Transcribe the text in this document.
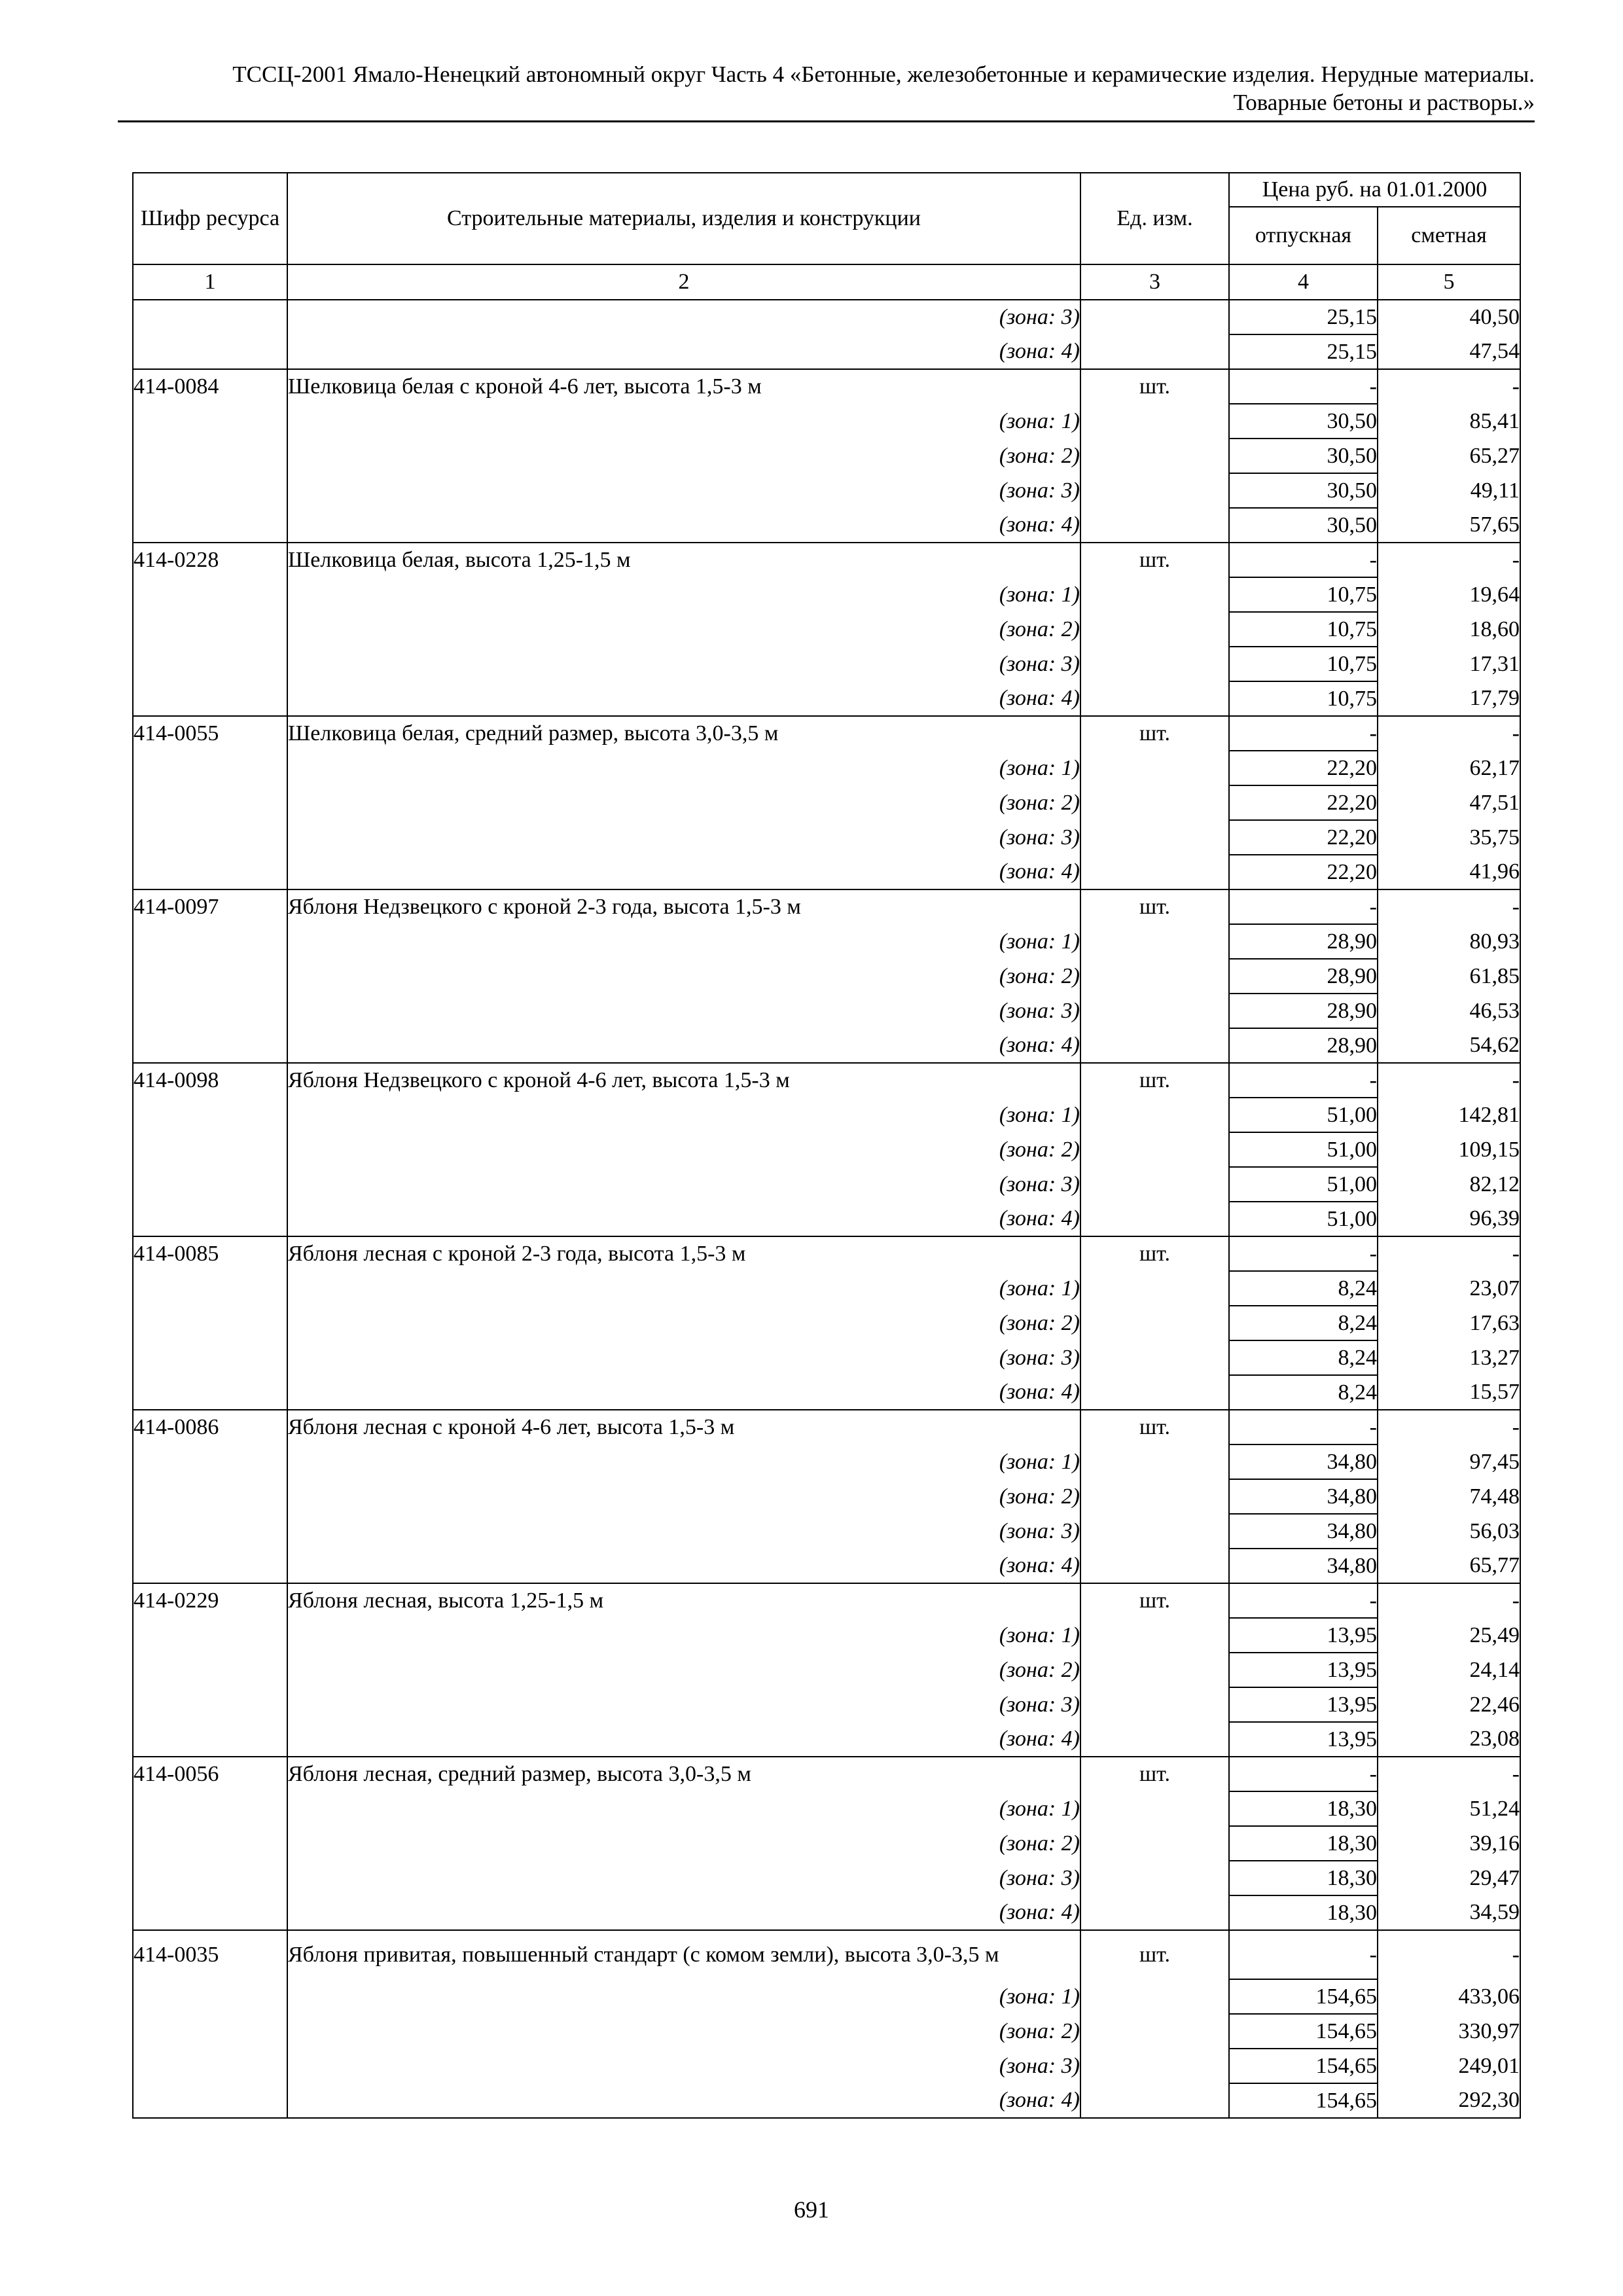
ТССЦ-2001 Ямало-Ненецкий автономный округ Часть 4 «Бетонные, железобетонные и керамические изделия. Нерудные материалы.
Товарные бетоны и растворы.»
Шифр ресурса	Строительные материалы, изделия и конструкции	Ед. изм.	Цена руб. на 01.01.2000	
			отпускная	сметная
1	2	3	4	5
	(зона: 3)		25,15	40,50
	(зона: 4)		25,15	47,54
414-0084	Шелковица белая с кроной 4-6 лет, высота 1,5-3 м	шт.	-	-
	(зона: 1)		30,50	85,41
	(зона: 2)		30,50	65,27
	(зона: 3)		30,50	49,11
	(зона: 4)		30,50	57,65
414-0228	Шелковица белая, высота 1,25-1,5 м	шт.	-	-
	(зона: 1)		10,75	19,64
	(зона: 2)		10,75	18,60
	(зона: 3)		10,75	17,31
	(зона: 4)		10,75	17,79
414-0055	Шелковица белая, средний размер, высота 3,0-3,5 м	шт.	-	-
	(зона: 1)		22,20	62,17
	(зона: 2)		22,20	47,51
	(зона: 3)		22,20	35,75
	(зона: 4)		22,20	41,96
414-0097	Яблоня Недзвецкого с кроной 2-3 года, высота 1,5-3 м	шт.	-	-
	(зона: 1)		28,90	80,93
	(зона: 2)		28,90	61,85
	(зона: 3)		28,90	46,53
	(зона: 4)		28,90	54,62
414-0098	Яблоня Недзвецкого с кроной 4-6 лет, высота 1,5-3 м	шт.	-	-
	(зона: 1)		51,00	142,81
	(зона: 2)		51,00	109,15
	(зона: 3)		51,00	82,12
	(зона: 4)		51,00	96,39
414-0085	Яблоня лесная с кроной 2-3 года, высота 1,5-3 м	шт.	-	-
	(зона: 1)		8,24	23,07
	(зона: 2)		8,24	17,63
	(зона: 3)		8,24	13,27
	(зона: 4)		8,24	15,57
414-0086	Яблоня лесная с кроной 4-6 лет, высота 1,5-3 м	шт.	-	-
	(зона: 1)		34,80	97,45
	(зона: 2)		34,80	74,48
	(зона: 3)		34,80	56,03
	(зона: 4)		34,80	65,77
414-0229	Яблоня лесная, высота 1,25-1,5 м	шт.	-	-
	(зона: 1)		13,95	25,49
	(зона: 2)		13,95	24,14
	(зона: 3)		13,95	22,46
	(зона: 4)		13,95	23,08
414-0056	Яблоня лесная, средний размер, высота 3,0-3,5 м	шт.	-	-
	(зона: 1)		18,30	51,24
	(зона: 2)		18,30	39,16
	(зона: 3)		18,30	29,47
	(зона: 4)		18,30	34,59
414-0035	Яблоня привитая, повышенный стандарт (с комом земли), высота 3,0-3,5 м	шт.	-	-
	(зона: 1)		154,65	433,06
	(зона: 2)		154,65	330,97
	(зона: 3)		154,65	249,01
	(зона: 4)		154,65	292,30
691
